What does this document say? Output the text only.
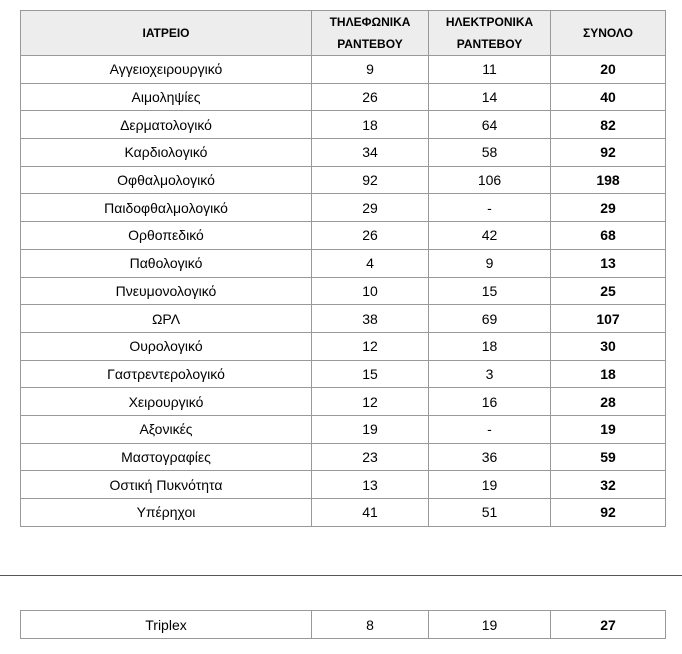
ΙΑΤΡΕΙΟ	ΤΗΛΕΦΩΝΙΚΑ ΡΑΝΤΕΒΟΥ	ΗΛΕΚΤΡΟΝΙΚΑ ΡΑΝΤΕΒΟΥ	ΣΥΝΟΛΟ
Αγγειοχειρουργικό	9	11	20
Αιμοληψίες	26	14	40
Δερματολογικό	18	64	82
Καρδιολογικό	34	58	92
Οφθαλμολογικό	92	106	198
Παιδοφθαλμολογικό	29	-	29
Ορθοπεδικό	26	42	68
Παθολογικό	4	9	13
Πνευμονολογικό	10	15	25
ΩΡΛ	38	69	107
Ουρολογικό	12	18	30
Γαστρεντερολογικό	15	3	18
Χειρουργικό	12	16	28
Αξονικές	19	-	19
Μαστογραφίες	23	36	59
Οστική Πυκνότητα	13	19	32
Υπέρηχοι	41	51	92
Triplex	8	19	27
